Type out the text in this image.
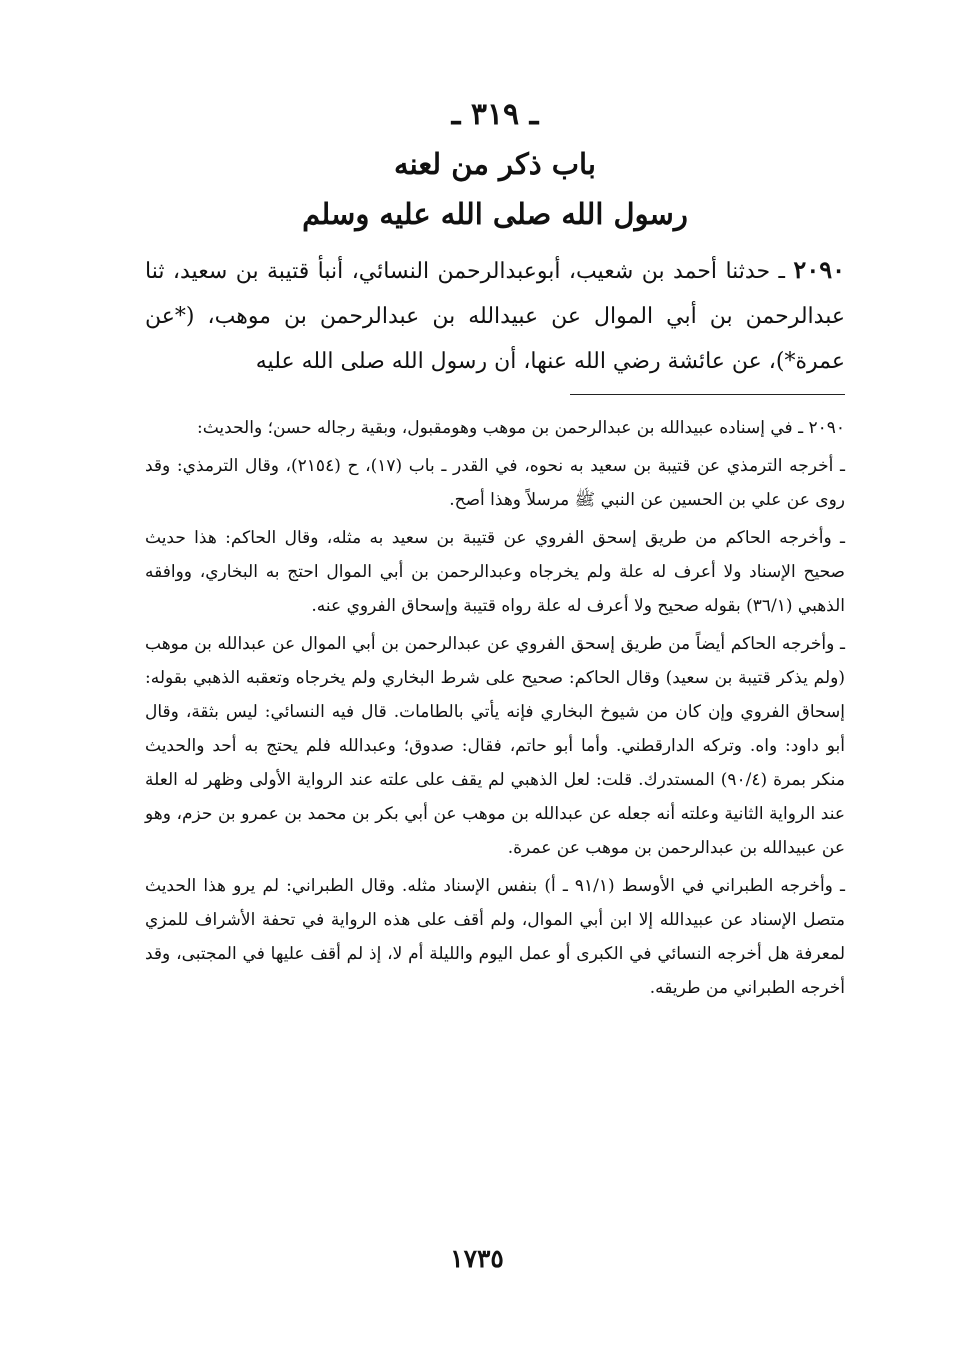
ـ ٣١٩ ـ
باب ذكر من لعنه
رسول الله صلى الله عليه وسلم
٢٠٩٠ ـ حدثنا أحمد بن شعيب، أبوعبدالرحمن النسائي، أنبأ قتيبة بن سعيد، ثنا عبدالرحمن بن أبي الموال عن عبيدالله بن عبدالرحمن بن موهب، (*عن عمرة*)، عن عائشة رضي الله عنها، أن رسول الله صلى الله عليه

٢٠٩٠ ـ في إسناده عبيدالله بن عبدالرحمن بن موهب وهومقبول، وبقية رجاله حسن؛ والحديث:

ـ أخرجه الترمذي عن قتيبة بن سعيد به نحوه، في القدر ـ باب (١٧)، ح (٢١٥٤)، وقال الترمذي: وقد روى عن علي بن الحسين عن النبي ﷺ مرسلاً وهذا أصح.

ـ وأخرجه الحاكم من طريق إسحق الفروي عن قتيبة بن سعيد به مثله، وقال الحاكم: هذا حديث صحيح الإسناد ولا أعرف له علة ولم يخرجاه وعبدالرحمن بن أبي الموال احتج به البخاري، ووافقه الذهبي (٣٦/١) بقوله صحيح ولا أعرف له علة رواه قتيبة وإسحاق الفروي عنه.

ـ وأخرجه الحاكم أيضاً من طريق إسحق الفروي عن عبدالرحمن بن أبي الموال عن عبدالله بن موهب (ولم يذكر قتيبة بن سعيد) وقال الحاكم: صحيح على شرط البخاري ولم يخرجاه وتعقبه الذهبي بقوله: إسحاق الفروي وإن كان من شيوخ البخاري فإنه يأتي بالطامات. قال فيه النسائي: ليس بثقة، وقال أبو داود: واه. وتركه الدارقطني. وأما أبو حاتم، فقال: صدوق؛ وعبدالله فلم يحتج به أحد والحديث منكر بمرة (٩٠/٤) المستدرك. قلت: لعل الذهبي لم يقف على علته عند الرواية الأولى وظهر له العلة عند الرواية الثانية وعلته أنه جعله عن عبدالله بن موهب عن أبي بكر بن محمد بن عمرو بن حزم، وهو عن عبيدالله بن عبدالرحمن بن موهب عن عمرة.

ـ وأخرجه الطبراني في الأوسط (٩١/١ ـ أ) بنفس الإسناد مثله. وقال الطبراني: لم يرو هذا الحديث متصل الإسناد عن عبيدالله إلا ابن أبي الموال، ولم أقف على هذه الرواية في تحفة الأشراف للمزي لمعرفة هل أخرجه النسائي في الكبرى أو عمل اليوم والليلة أم لا، إذ لم أقف عليها في المجتبى، وقد أخرجه الطبراني من طريقه.

١٧٣٥
